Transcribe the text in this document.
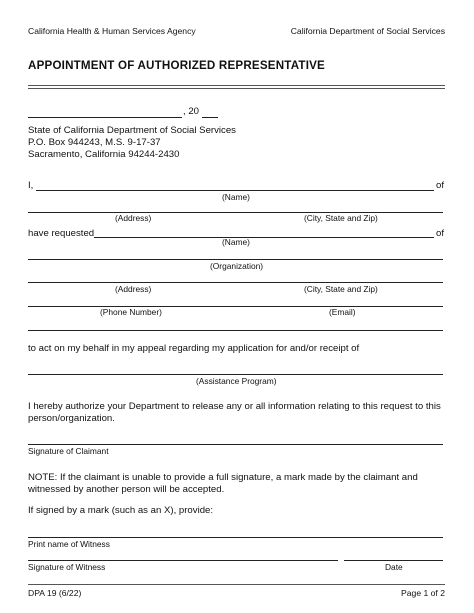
California Health & Human Services Agency	California Department of Social Services
APPOINTMENT OF AUTHORIZED REPRESENTATIVE
, 20
State of California Department of Social Services
P.O. Box 944243, M.S. 9-17-37
Sacramento, California 94244-2430
I,	of
(Name)
(Address)	(City, State and Zip)
have requested	of
(Name)
(Organization)
(Address)	(City, State and Zip)
(Phone Number)	(Email)
to act on my behalf in my appeal regarding my application for and/or receipt of
(Assistance Program)
I hereby authorize your Department to release any or all information relating to this request to this
person/organization.
Signature of Claimant
NOTE: If the claimant is unable to provide a full signature, a mark made by the claimant and
witnessed by another person will be accepted.
If signed by a mark (such as an X), provide:
Print name of Witness
Signature of Witness	Date
DPA 19 (6/22)	Page 1 of 2
